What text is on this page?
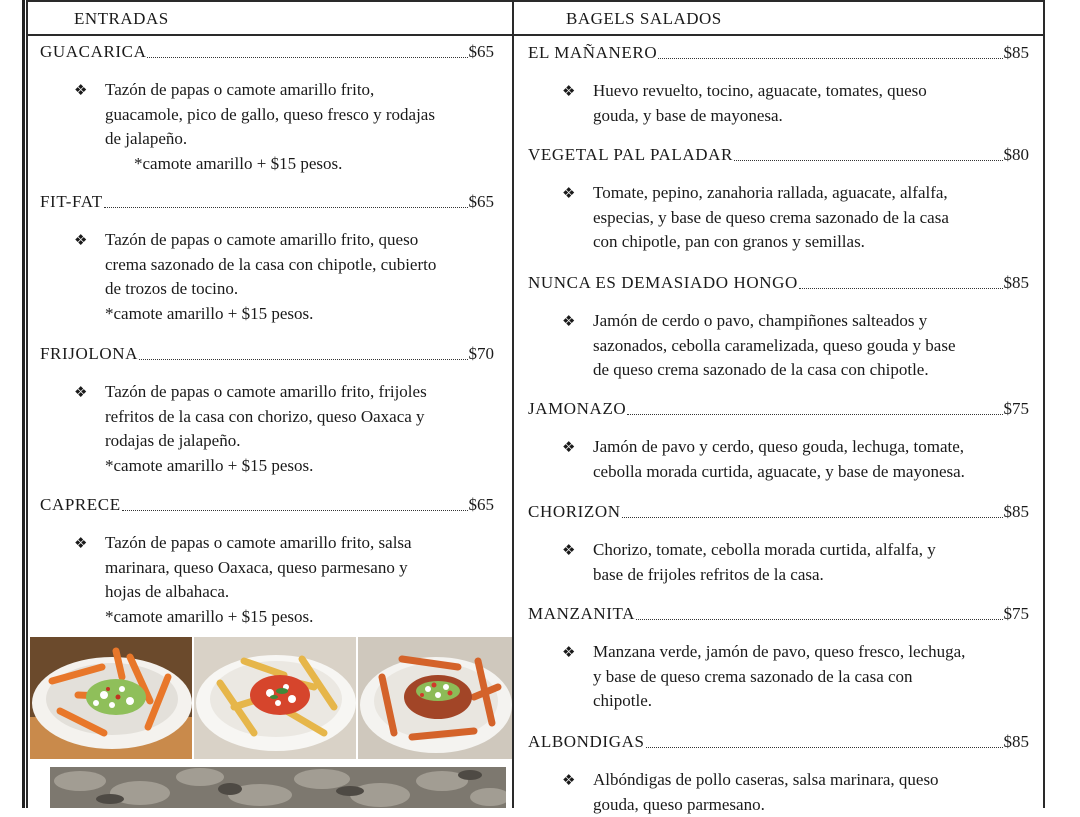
ENTRADAS
GUACARICA	$65
❖ Tazón de papas o camote amarillo frito,
guacamole, pico de gallo, queso fresco y rodajas
de jalapeño.
*camote amarillo + $15 pesos.
FIT-FAT	$65
❖ Tazón de papas o camote amarillo frito, queso
crema sazonado de la casa con chipotle, cubierto
de trozos de tocino.
*camote amarillo + $15 pesos.
FRIJOLONA	$70
❖ Tazón de papas o camote amarillo frito, frijoles
refritos de la casa con chorizo, queso Oaxaca y
rodajas de jalapeño.
*camote amarillo + $15 pesos.
CAPRECE	$65
❖ Tazón de papas o camote amarillo frito, salsa
marinara, queso Oaxaca, queso parmesano y
hojas de albahaca.
*camote amarillo + $15 pesos.
BAGELS SALADOS
EL MAÑANERO	$85
❖ Huevo revuelto, tocino, aguacate, tomates, queso
gouda, y base de mayonesa.
VEGETAL PAL PALADAR	$80
❖ Tomate, pepino, zanahoria rallada, aguacate, alfalfa,
especias, y base de queso crema sazonado de la casa
con chipotle, pan con granos y semillas.
NUNCA ES DEMASIADO HONGO	$85
❖ Jamón de cerdo o pavo, champiñones salteados y
sazonados, cebolla caramelizada, queso gouda y base
de queso crema sazonado de la casa con chipotle.
JAMONAZO	$75
❖ Jamón de pavo y cerdo, queso gouda, lechuga, tomate,
cebolla morada curtida, aguacate, y base de mayonesa.
CHORIZON	$85
❖ Chorizo, tomate, cebolla morada curtida, alfalfa, y
base de frijoles refritos de la casa.
MANZANITA	$75
❖ Manzana verde, jamón de pavo, queso fresco, lechuga,
y base de queso crema sazonado de la casa con
chipotle.
ALBONDIGAS	$85
❖ Albóndigas de pollo caseras, salsa marinara, queso
gouda, queso parmesano.
